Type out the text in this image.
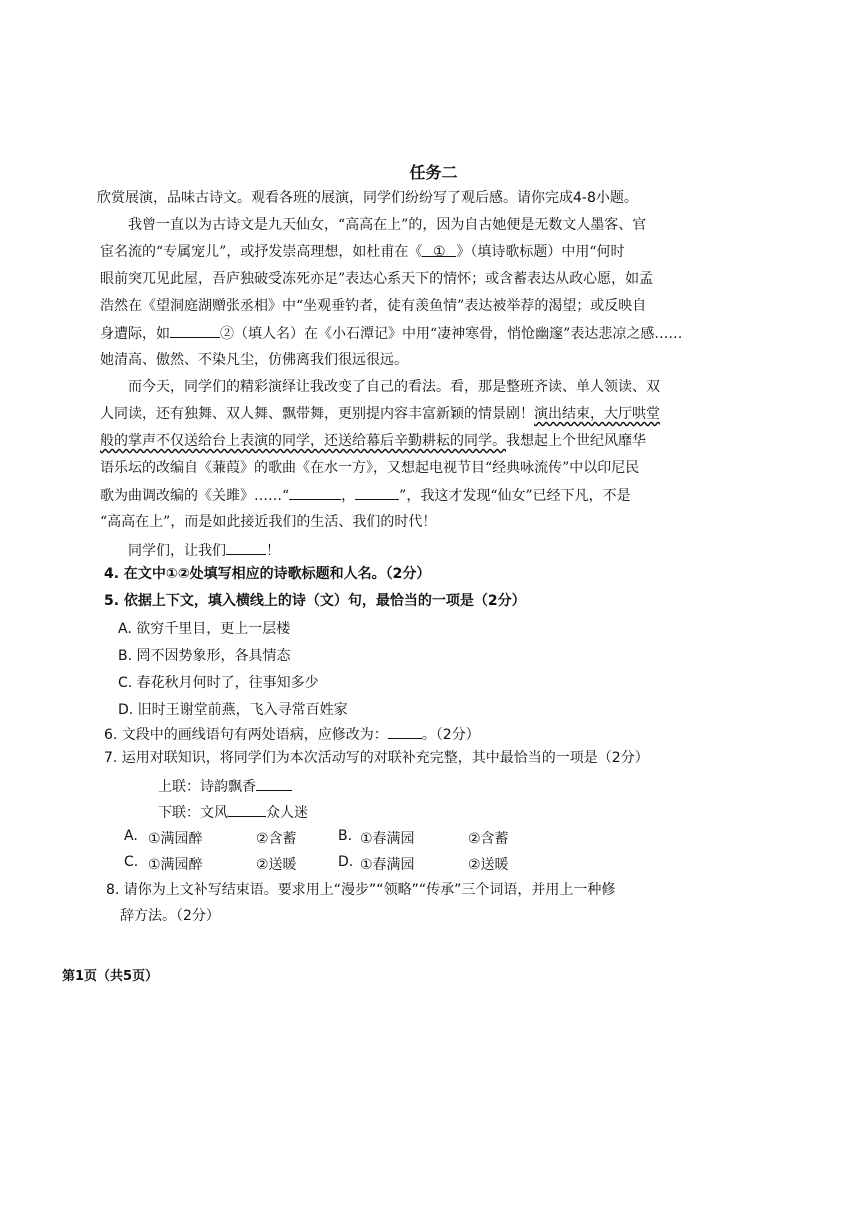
任务二
欣赏展演，品味古诗文。观看各班的展演，同学们纷纷写了观后感。请你完成4-8小题。
我曾一直以为古诗文是九天仙女，“高高在上”的，因为自古她便是无数文人墨客、官
宦名流的“专属宠儿”，或抒发崇高理想，如杜甫在《 ① 》（填诗歌标题）中用“何时
眼前突兀见此屋，吾庐独破受冻死亦足”表达心系天下的情怀；或含蓄表达从政心愿，如孟
浩然在《望洞庭湖赠张丞相》中“坐观垂钓者，徒有羡鱼情”表达被举荐的渴望；或反映自
身遭际，如	②（填人名）在《小石潭记》中用“凄神寒骨，悄怆幽邃”表达悲凉之感……
她清高、傲然、不染凡尘，仿佛离我们很远很远。
而今天，同学们的精彩演绎让我改变了自己的看法。看，那是整班齐读、单人领读、双
人同读，还有独舞、双人舞、飘带舞，更别提内容丰富新颖的情景剧！演出结束，大厅哄堂
般的掌声不仅送给台上表演的同学，还送给幕后辛勤耕耘的同学。我想起上个世纪风靡华
语乐坛的改编自《蒹葭》的歌曲《在水一方》，又想起电视节目“经典咏流传”中以印尼民
歌为曲调改编的《关雎》……“	，	”，我这才发现“仙女”已经下凡，不是
“高高在上”，而是如此接近我们的生活、我们的时代！
同学们，让我们	！
4. 在文中①②处填写相应的诗歌标题和人名。（2分）
5. 依据上下文，填入横线上的诗（文）句，最恰当的一项是（2分）
A. 欲穷千里目，更上一层楼
B. 罔不因势象形，各具情态
C. 春花秋月何时了，往事知多少
D. 旧时王谢堂前燕，飞入寻常百姓家
6. 文段中的画线语句有两处语病，应修改为： 。（2分）
7. 运用对联知识，将同学们为本次活动写的对联补充完整，其中最恰当的一项是（2分）
上联：诗韵飘香
下联：文风	众人迷
A. ①满园醉	②含蓄	B. ①春满园	②含蓄
C. ①满园醉	②送暖	D. ①春满园	②送暖
8. 请你为上文补写结束语。要求用上“漫步”“领略”“传承”三个词语，并用上一种修
辞方法。（2分）
第1页（共5页）
